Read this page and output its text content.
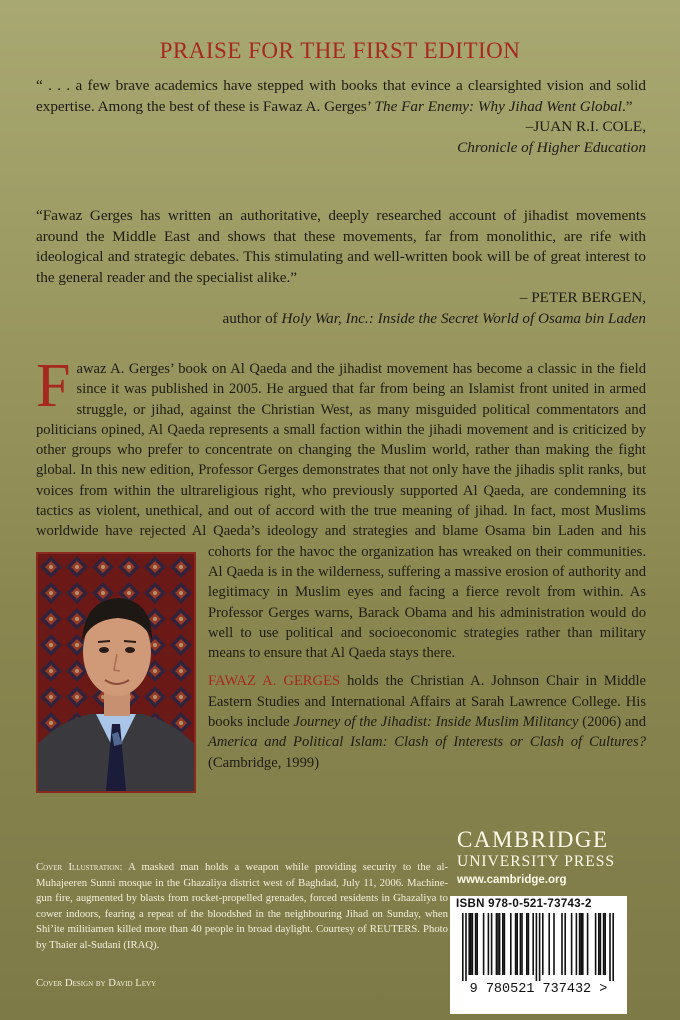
PRAISE FOR THE FIRST EDITION
“ . . . a few brave academics have stepped with books that evince a clearsighted vision and solid expertise. Among the best of these is Fawaz A. Gerges’ The Far Enemy: Why Jihad Went Global.”
–JUAN R.I. COLE,
Chronicle of Higher Education
“Fawaz Gerges has written an authoritative, deeply researched account of jihadist movements around the Middle East and shows that these movements, far from monolithic, are rife with ideological and strategic debates. This stimulating and well-written book will be of great interest to the general reader and the specialist alike.”
– PETER BERGEN,
author of Holy War, Inc.: Inside the Secret World of Osama bin Laden
F awaz A. Gerges’ book on Al Qaeda and the jihadist movement has become a classic in the field since it was published in 2005. He argued that far from being an Islamist front united in armed struggle, or jihad, against the Christian West, as many misguided political commentators and politicians opined, Al Qaeda represents a small faction within the jihadi movement and is criticized by other groups who prefer to concentrate on changing the Muslim world, rather than making the fight global. In this new edition, Professor Gerges demonstrates that not only have the jihadis split ranks, but voices from within the ultrareligious right, who previously supported Al Qaeda, are condemning its tactics as violent, unethical, and out of accord with the true meaning of jihad. In fact, most Muslims worldwide have rejected Al Qaeda’s ideology and strategies and blame Osama bin Laden and his cohorts for the havoc the organization has wreaked on their communities. Al Qaeda is in the wilderness, suffering a massive erosion of authority and legitimacy in Muslim eyes and facing a fierce revolt from within. As Professor Gerges warns, Barack Obama and his administration would do well to use political and socioeconomic strategies rather than military means to ensure that Al Qaeda stays there.
FAWAZ A. GERGES holds the Christian A. Johnson Chair in Middle Eastern Studies and International Affairs at Sarah Lawrence College. His books include Journey of the Jihadist: Inside Muslim Militancy (2006) and America and Political Islam: Clash of Interests or Clash of Cultures? (Cambridge, 1999)
Cover Illustration: A masked man holds a weapon while providing security to the al-Muhajeeren Sunni mosque in the Ghazaliya district west of Baghdad, July 11, 2006. Machine-gun fire, augmented by blasts from rocket-propelled grenades, forced residents in Ghazaliya to cower indoors, fearing a repeat of the bloodshed in the neighbouring Jihad on Sunday, when Shi’ite militiamen killed more than 40 people in broad daylight. Courtesy of REUTERS. Photo by Thaier al-Sudani (IRAQ).
Cover Design by David Levy
CAMBRIDGE
UNIVERSITY PRESS
www.cambridge.org
ISBN 978-0-521-73743-2
9 780521 737432 >
